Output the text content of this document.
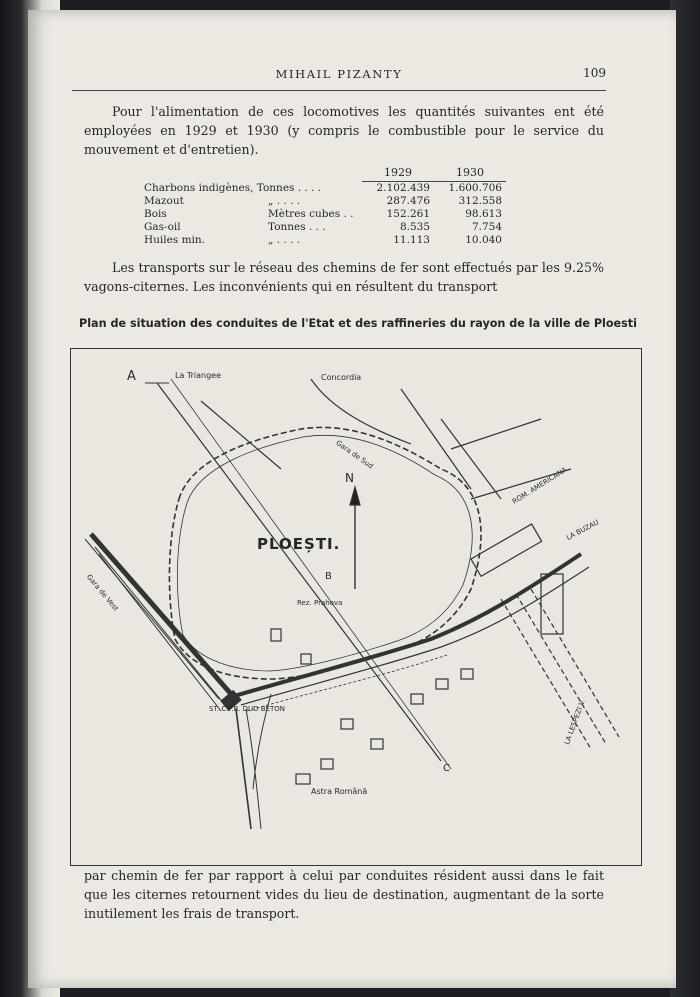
MIHAIL PIZANTY	109
Pour l'alimentation de ces locomotives les quantités suivantes ent été employées en 1929 et 1930 (y compris le combustible pour le service du mouvement et d'entretien).
		1929	1930
Charbons indigènes, Tonnes . . . .		2.102.439	1.600.706
Mazout	„ . . . .	287.476	312.558
Bois	Mètres cubes . .	152.261	98.613
Gas-oil	Tonnes . . .	8.535	7.754
Huiles min.	„ . . . .	11.113	10.040
Les transports sur le réseau des chemins de fer sont effectués par les 9.25% vagons-citernes. Les inconvénients qui en résultent du transport
Plan de situation des conduites de l'Etat et des raffineries du rayon de la ville de Ploesti
A
B
C
N
PLOEȘTI.
La Triangee	Concordia
ROM. AMERICANA
ST. C.F.R. DUD BETON
Astra Română
LA LESPEZI V.
Gara de Sud
Gara de Vest	Rez. Prahova
LA BUZAU
par chemin de fer par rapport à celui par conduites résident aussi dans le fait que les citernes retournent vides du lieu de destination, augmentant de la sorte inutilement les frais de transport.
